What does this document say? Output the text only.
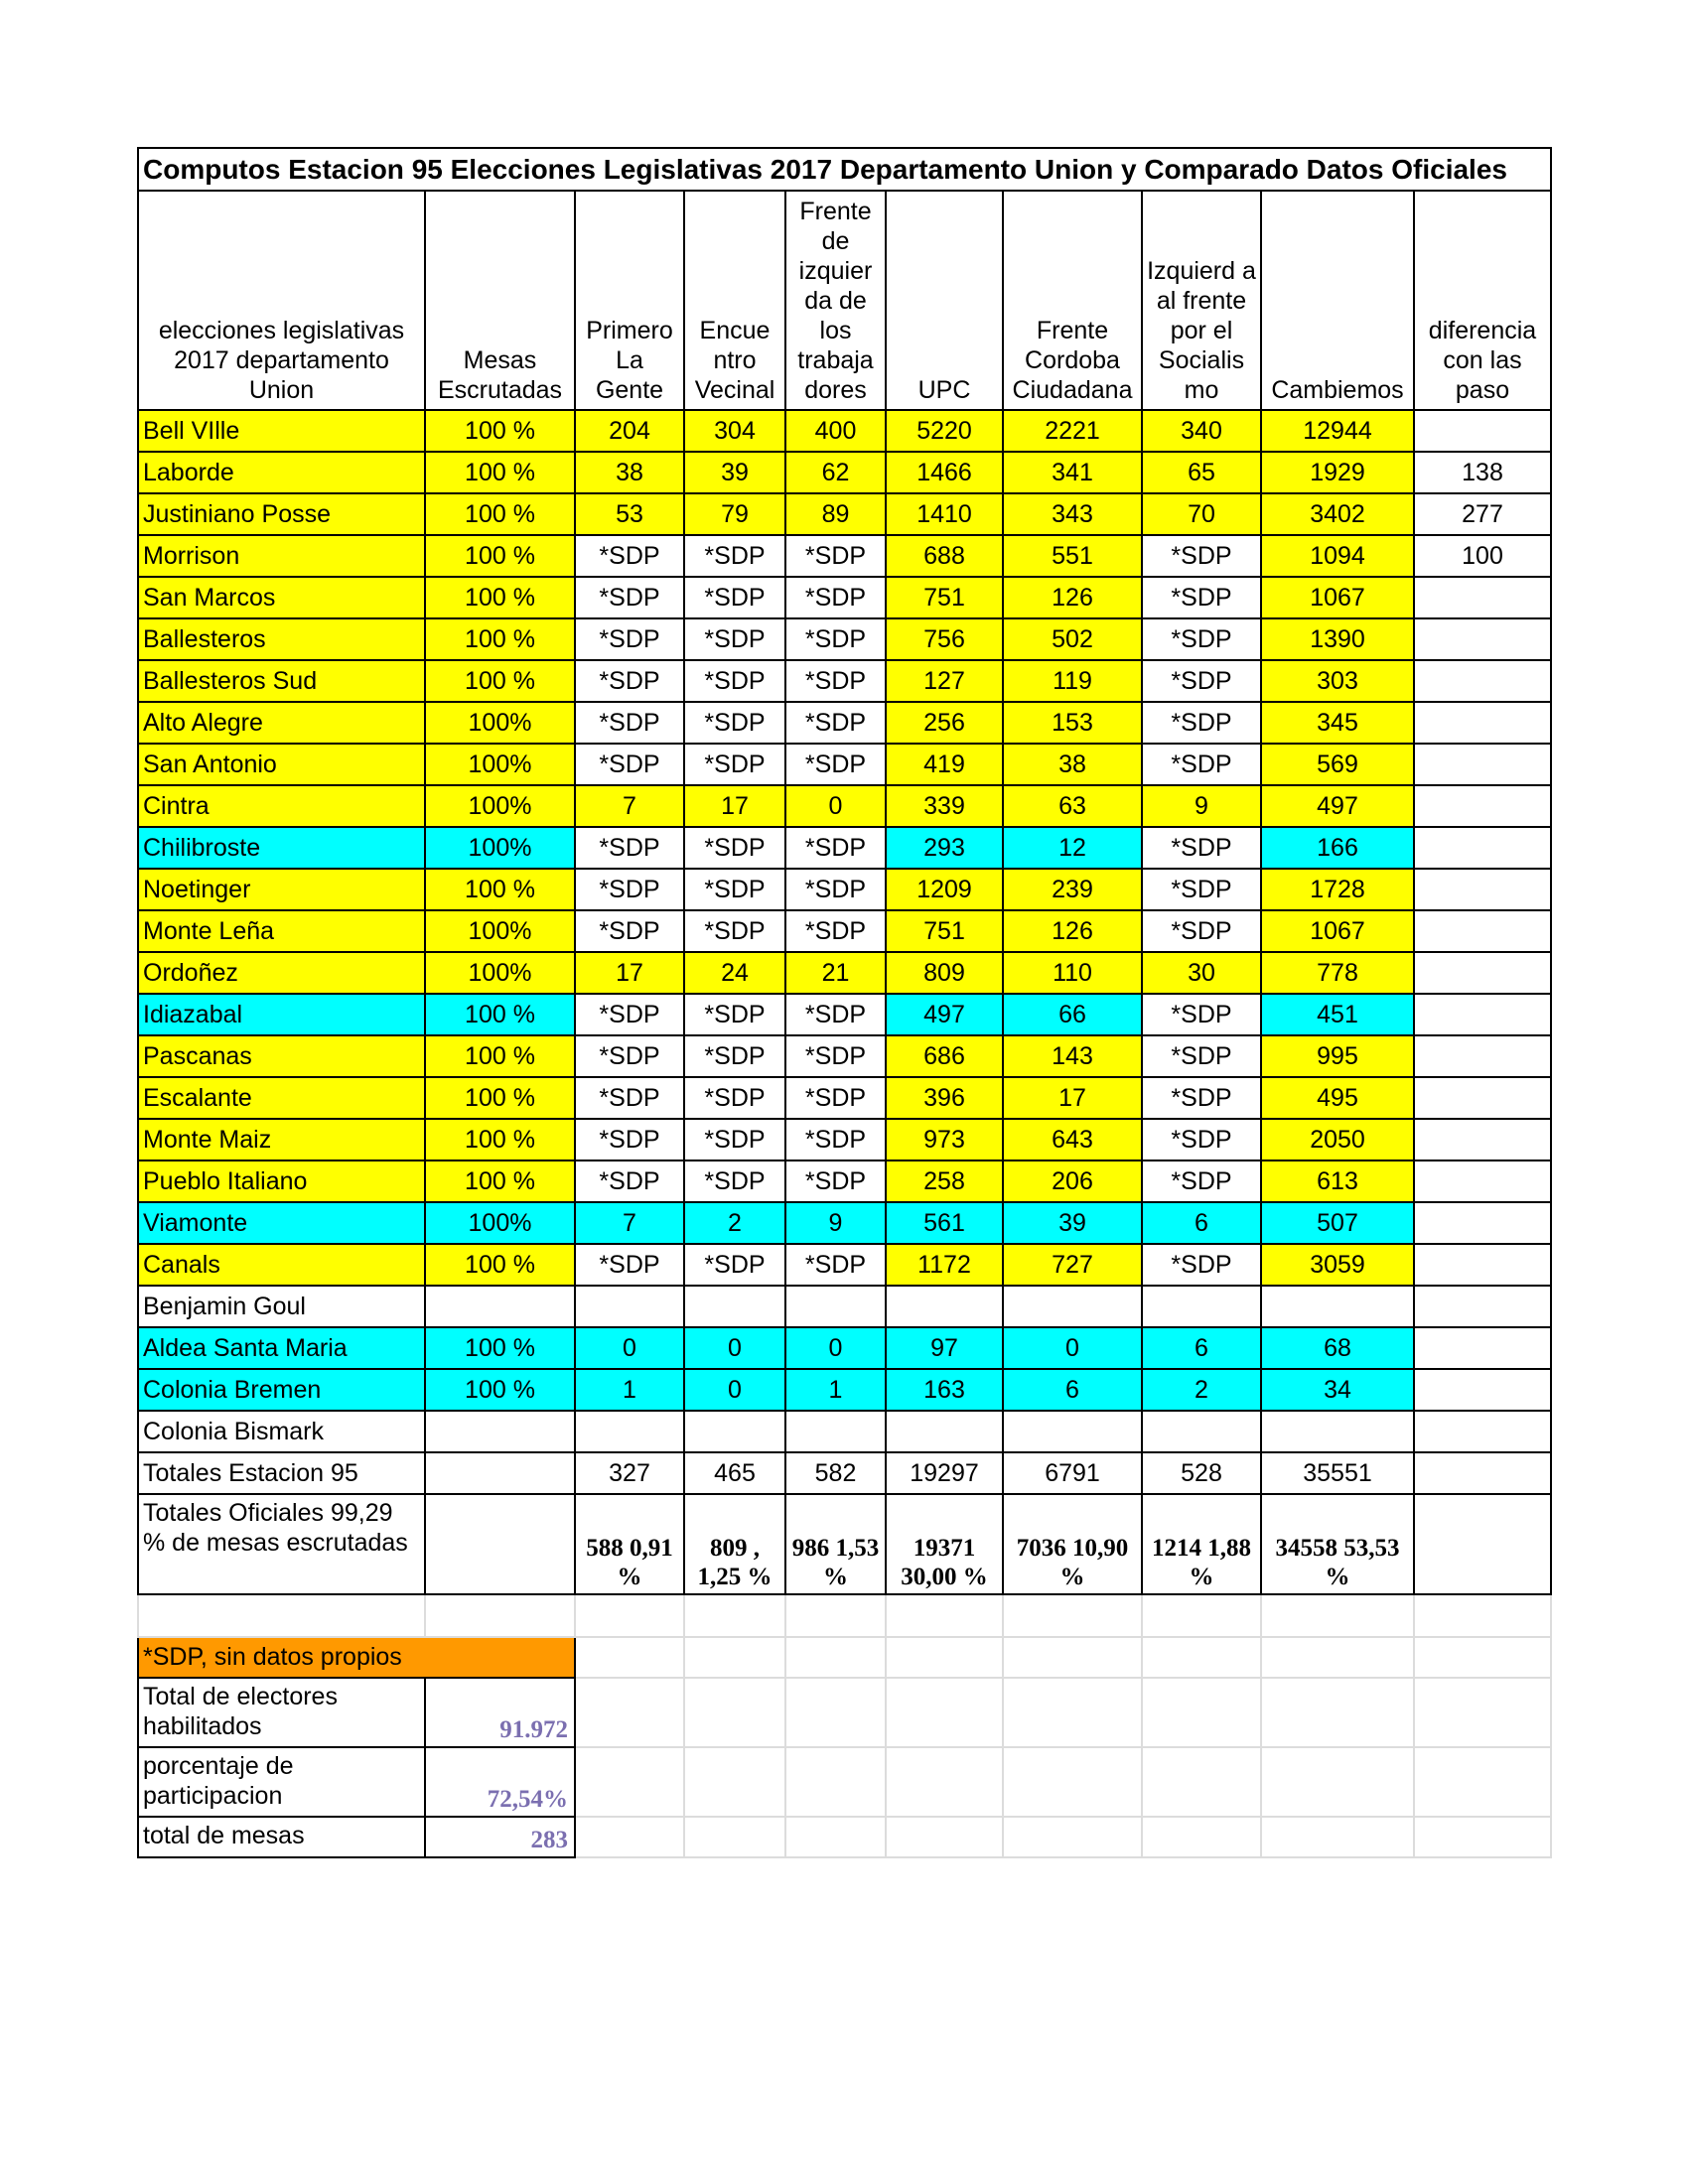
Computos Estacion 95 Elecciones Legislativas 2017 Departamento Union y Comparado Datos Oficiales									
elecciones legislativas 2017 departamento Union	Mesas Escrutadas	Primero La Gente	Encue ntro Vecinal	Frente de izquier da de los trabaja dores	UPC	Frente Cordoba Ciudadana	Izquierd a al frente por el Socialis mo	Cambiemos	diferencia con las paso
Bell VIlle	100 %	204	304	400	5220	2221	340	12944	
Laborde	100 %	38	39	62	1466	341	65	1929	138
Justiniano Posse	100 %	53	79	89	1410	343	70	3402	277
Morrison	100 %	*SDP	*SDP	*SDP	688	551	*SDP	1094	100
San Marcos	100 %	*SDP	*SDP	*SDP	751	126	*SDP	1067	
Ballesteros	100 %	*SDP	*SDP	*SDP	756	502	*SDP	1390	
Ballesteros Sud	100 %	*SDP	*SDP	*SDP	127	119	*SDP	303	
Alto Alegre	100%	*SDP	*SDP	*SDP	256	153	*SDP	345	
San Antonio	100%	*SDP	*SDP	*SDP	419	38	*SDP	569	
Cintra	100%	7	17	0	339	63	9	497	
Chilibroste	100%	*SDP	*SDP	*SDP	293	12	*SDP	166	
Noetinger	100 %	*SDP	*SDP	*SDP	1209	239	*SDP	1728	
Monte Leña	100%	*SDP	*SDP	*SDP	751	126	*SDP	1067	
Ordoñez	100%	17	24	21	809	110	30	778	
Idiazabal	100 %	*SDP	*SDP	*SDP	497	66	*SDP	451	
Pascanas	100 %	*SDP	*SDP	*SDP	686	143	*SDP	995	
Escalante	100 %	*SDP	*SDP	*SDP	396	17	*SDP	495	
Monte Maiz	100 %	*SDP	*SDP	*SDP	973	643	*SDP	2050	
Pueblo Italiano	100 %	*SDP	*SDP	*SDP	258	206	*SDP	613	
Viamonte	100%	7	2	9	561	39	6	507	
Canals	100 %	*SDP	*SDP	*SDP	1172	727	*SDP	3059	
Benjamin Goul									
Aldea Santa Maria	100 %	0	0	0	97	0	6	68	
Colonia Bremen	100 %	1	0	1	163	6	2	34	
Colonia Bismark									
Totales Estacion 95		327	465	582	19297	6791	528	35551	
Totales Oficiales 99,29 % de mesas escrutadas		588 0,91 %	809 , 1,25 %	986 1,53 %	19371 30,00 %	7036 10,90 %	1214 1,88 %	34558 53,53 %	

*SDP, sin datos propios									
Total de electores habilitados	91.972								
porcentaje de participacion	72,54%								
total de mesas	283								
